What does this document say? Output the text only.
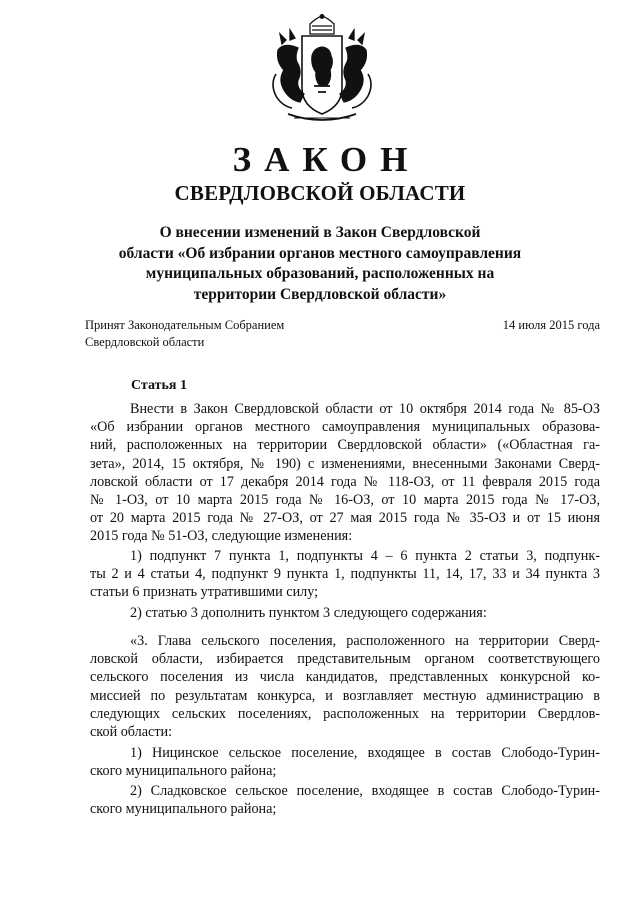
ЗАКОН
СВЕРДЛОВСКОЙ ОБЛАСТИ
О внесении изменений в Закон Свердловской
области «Об избрании органов местного самоуправления
муниципальных образований, расположенных на
территории Свердловской области»
Принят Законодательным Собранием
Свердловской области
14 июля 2015 года
Статья 1
Внести в Закон Свердловской области от 10 октября 2014 года № 85-ОЗ
«Об избрании органов местного самоуправления муниципальных образова-
ний, расположенных на территории Свердловской области» («Областная га-
зета», 2014, 15 октября, № 190) с изменениями, внесенными Законами Сверд-
ловской области от 17 декабря 2014 года № 118-ОЗ, от 11 февраля 2015 года
№ 1-ОЗ, от 10 марта 2015 года № 16-ОЗ, от 10 марта 2015 года № 17-ОЗ,
от 20 марта 2015 года № 27-ОЗ, от 27 мая 2015 года № 35-ОЗ и от 15 июня
2015 года № 51-ОЗ, следующие изменения:
1) подпункт 7 пункта 1, подпункты 4 – 6 пункта 2 статьи 3, подпунк-
ты 2 и 4 статьи 4, подпункт 9 пункта 1, подпункты 11, 14, 17, 33 и 34 пункта 3
статьи 6 признать утратившими силу;
2) статью 3 дополнить пунктом 3 следующего содержания:
«3. Глава сельского поселения, расположенного на территории Сверд-
ловской области, избирается представительным органом соответствующего
сельского поселения из числа кандидатов, представленных конкурсной ко-
миссией по результатам конкурса, и возглавляет местную администрацию в
следующих сельских поселениях, расположенных на территории Свердлов-
ской области:
1) Ницинское сельское поселение, входящее в состав Слободо-Турин-
ского муниципального района;
2) Сладковское сельское поселение, входящее в состав Слободо-Турин-
ского муниципального района;
